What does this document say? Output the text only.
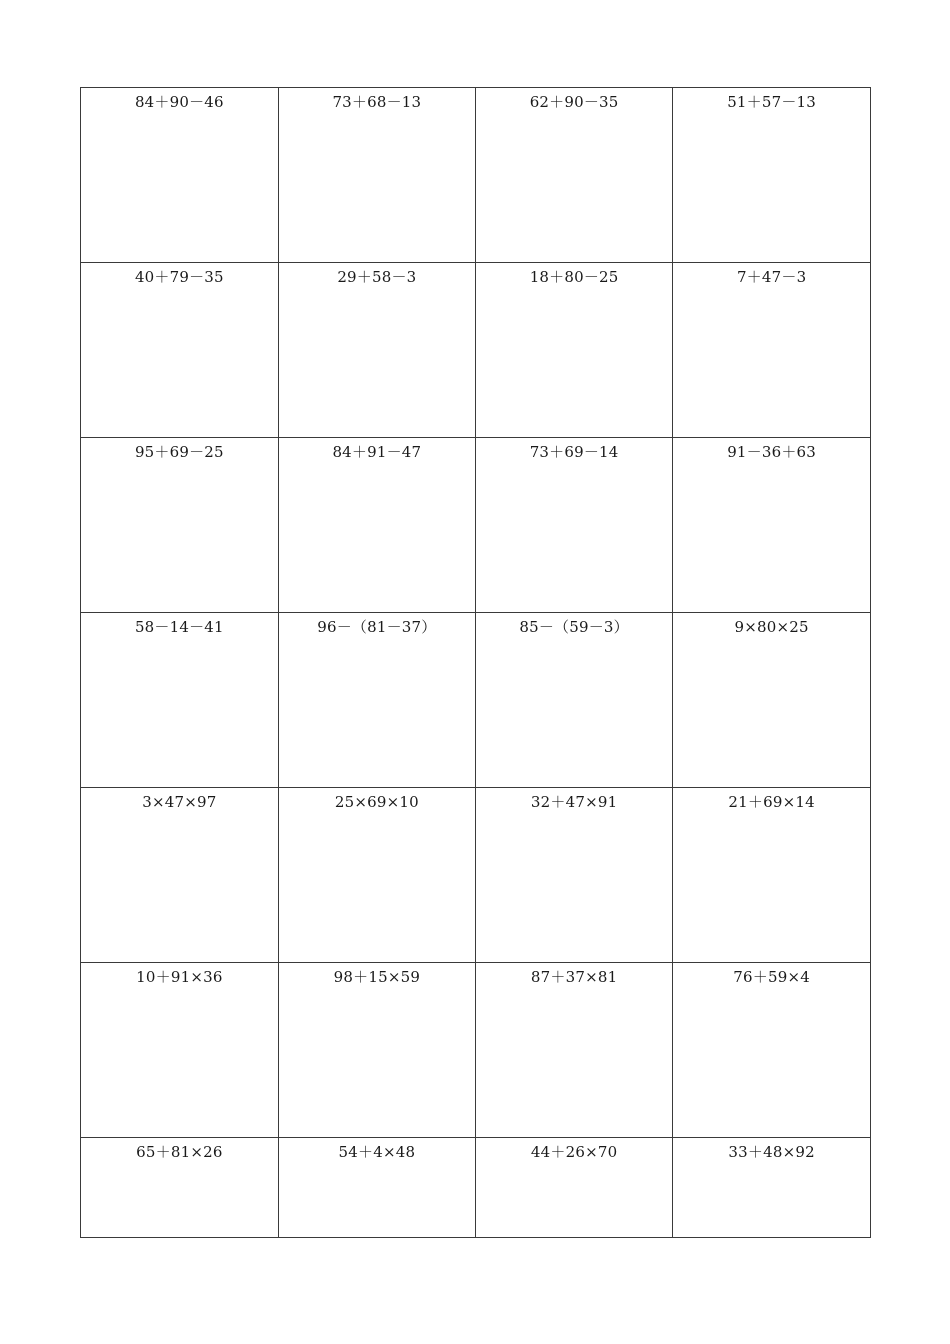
84＋90－46	73＋68－13	62＋90－35	51＋57－13

40＋79－35	29＋58－3	18＋80－25	7＋47－3

95＋69－25	84＋91－47	73＋69－14	91－36＋63

58－14－41	96－（81－37）	85－（59－3）	9×80×25

3×47×97	25×69×10	32＋47×91	21＋69×14

10＋91×36	98＋15×59	87＋37×81	76＋59×4

65＋81×26	54＋4×48	44＋26×70	33＋48×92
